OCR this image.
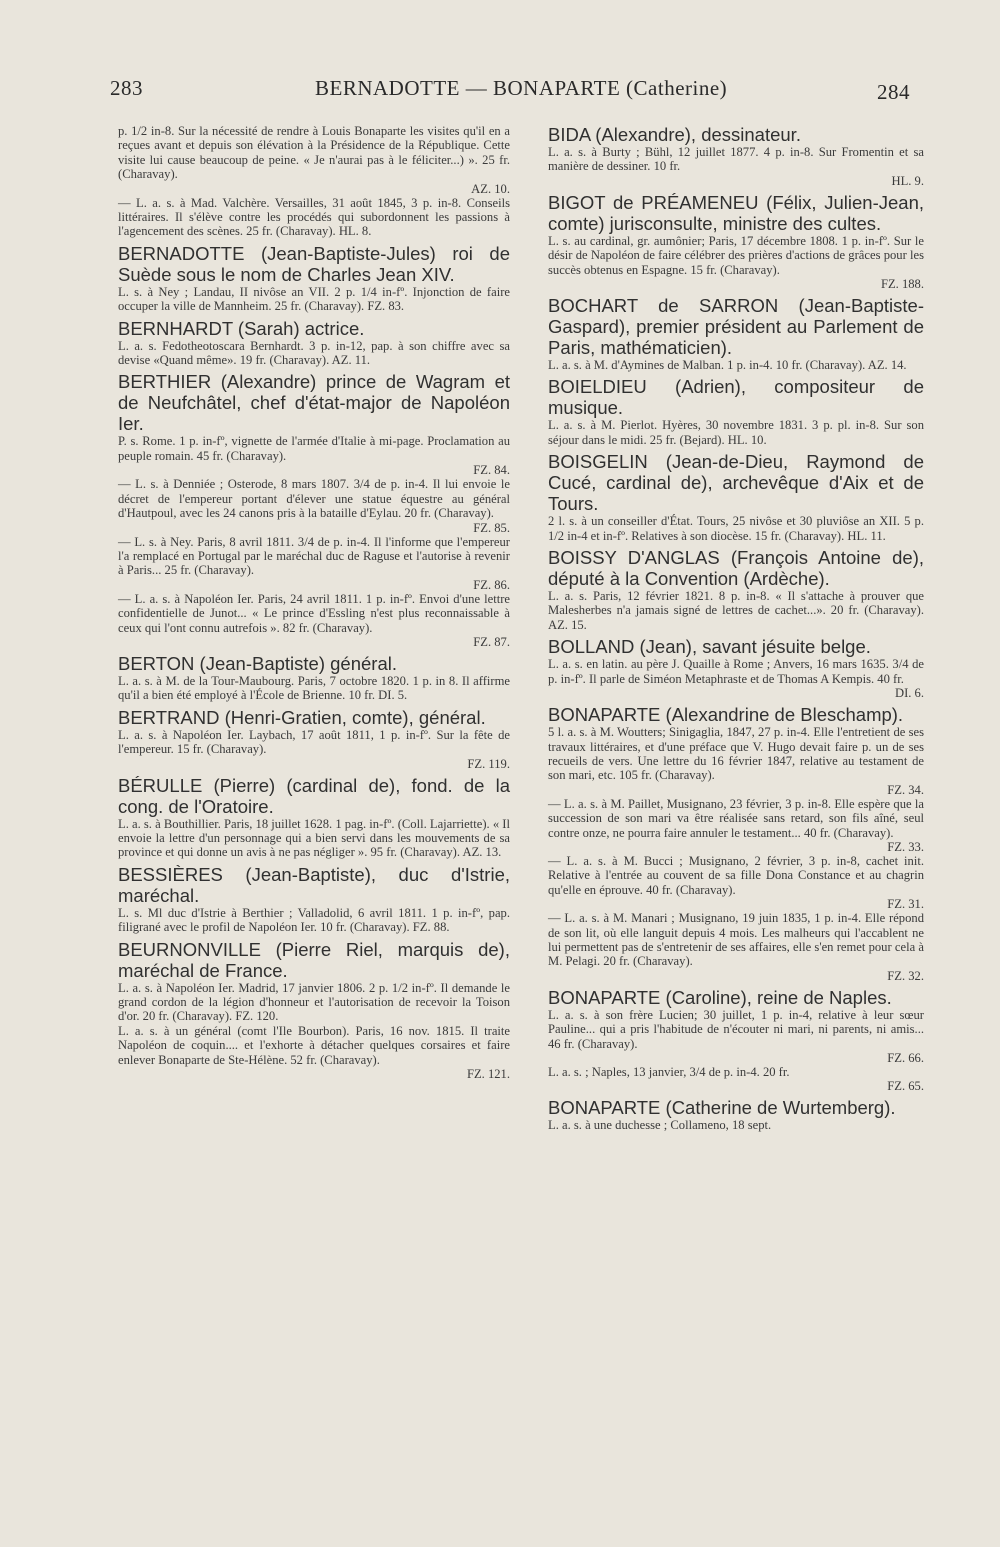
283	BERNADOTTE — BONAPARTE (Catherine)	284

p. 1/2 in-8. Sur la nécessité de rendre à Louis Bonaparte les visites qu'il en a reçues avant et depuis son élévation à la Présidence de la République. Cette visite lui cause beaucoup de peine. « Je n'aurai pas à le féliciter...) ». 25 fr. (Charavay).

AZ. 10.

— L. a. s. à Mad. Valchère. Versailles, 31 août 1845, 3 p. in-8. Conseils littéraires. Il s'élève contre les procédés qui subordonnent les passions à l'agencement des scènes. 25 fr. (Charavay). HL. 8.

BERNADOTTE (Jean-Baptiste-Jules) roi de Suède sous le nom de Charles Jean XIV.

L. s. à Ney ; Landau, II nivôse an VII. 2 p. 1/4 in-fº. Injonction de faire occuper la ville de Mannheim. 25 fr. (Charavay). FZ. 83.

BERNHARDT (Sarah) actrice.

L. a. s. Fedotheotoscara Bernhardt. 3 p. in-12, pap. à son chiffre avec sa devise «Quand même». 19 fr. (Charavay). AZ. 11.

BERTHIER (Alexandre) prince de Wagram et de Neufchâtel, chef d'état-major de Napoléon Ier.

P. s. Rome. 1 p. in-fº, vignette de l'armée d'Italie à mi-page. Proclamation au peuple romain. 45 fr. (Charavay).

FZ. 84.

— L. s. à Denniée ; Osterode, 8 mars 1807. 3/4 de p. in-4. Il lui envoie le décret de l'empereur portant d'élever une statue équestre au général d'Hautpoul, avec les 24 canons pris à la bataille d'Eylau. 20 fr. (Charavay).

FZ. 85.

— L. s. à Ney. Paris, 8 avril 1811. 3/4 de p. in-4. Il l'informe que l'empereur l'a remplacé en Portugal par le maréchal duc de Raguse et l'autorise à revenir à Paris... 25 fr. (Charavay).

FZ. 86.

— L. a. s. à Napoléon Ier. Paris, 24 avril 1811. 1 p. in-fº. Envoi d'une lettre confidentielle de Junot... « Le prince d'Essling n'est plus reconnaissable à ceux qui l'ont connu autrefois ». 82 fr. (Charavay).

FZ. 87.

BERTON (Jean-Baptiste) général.

L. a. s. à M. de la Tour-Maubourg. Paris, 7 octobre 1820. 1 p. in 8. Il affirme qu'il a bien été employé à l'École de Brienne. 10 fr. DI. 5.

BERTRAND (Henri-Gratien, comte), général.

L. a. s. à Napoléon Ier. Laybach, 17 août 1811, 1 p. in-fº. Sur la fête de l'empereur. 15 fr. (Charavay).

FZ. 119.

BÉRULLE (Pierre) (cardinal de), fond. de la cong. de l'Oratoire.

L. a. s. à Bouthillier. Paris, 18 juillet 1628. 1 pag. in-fº. (Coll. Lajarriette). « Il envoie la lettre d'un personnage qui a bien servi dans les mouvements de sa province et qui donne un avis à ne pas négliger ». 95 fr. (Charavay). AZ. 13.

BESSIÈRES (Jean-Baptiste), duc d'Istrie, maréchal.

L. s. Ml duc d'Istrie à Berthier ; Valladolid, 6 avril 1811. 1 p. in-fº, pap. filigrané avec le profil de Napoléon Ier. 10 fr. (Charavay). FZ. 88.

BEURNONVILLE (Pierre Riel, marquis de), maréchal de France.

L. a. s. à Napoléon Ier. Madrid, 17 janvier 1806. 2 p. 1/2 in-fº. Il demande le grand cordon de la légion d'honneur et l'autorisation de recevoir la Toison d'or. 20 fr. (Charavay). FZ. 120.

L. a. s. à un général (comt l'Ile Bourbon). Paris, 16 nov. 1815. Il traite Napoléon de coquin.... et l'exhorte à détacher quelques corsaires et faire enlever Bonaparte de Ste-Hélène. 52 fr. (Charavay).

FZ. 121.

BIDA (Alexandre), dessinateur.

L. a. s. à Burty ; Bühl, 12 juillet 1877. 4 p. in-8. Sur Fromentin et sa manière de dessiner. 10 fr.

HL. 9.

BIGOT de PRÉAMENEU (Félix, Julien-Jean, comte) jurisconsulte, ministre des cultes.

L. s. au cardinal, gr. aumônier; Paris, 17 décembre 1808. 1 p. in-fº. Sur le désir de Napoléon de faire célébrer des prières d'actions de grâces pour les succès obtenus en Espagne. 15 fr. (Charavay).

FZ. 188.

BOCHART de SARRON (Jean-Baptiste-Gaspard), premier président au Parlement de Paris, mathématicien).

L. a. s. à M. d'Aymines de Malban. 1 p. in-4. 10 fr. (Charavay). AZ. 14.

BOIELDIEU (Adrien), compositeur de musique.

L. a. s. à M. Pierlot. Hyères, 30 novembre 1831. 3 p. pl. in-8. Sur son séjour dans le midi. 25 fr. (Bejard). HL. 10.

BOISGELIN (Jean-de-Dieu, Raymond de Cucé, cardinal de), archevêque d'Aix et de Tours.

2 l. s. à un conseiller d'État. Tours, 25 nivôse et 30 pluviôse an XII. 5 p. 1/2 in-4 et in-fº. Relatives à son diocèse. 15 fr. (Charavay). HL. 11.

BOISSY D'ANGLAS (François Antoine de), député à la Convention (Ardèche).

L. a. s. Paris, 12 février 1821. 8 p. in-8. « Il s'attache à prouver que Malesherbes n'a jamais signé de lettres de cachet...». 20 fr. (Charavay). AZ. 15.

BOLLAND (Jean), savant jésuite belge.

L. a. s. en latin. au père J. Quaille à Rome ; Anvers, 16 mars 1635. 3/4 de p. in-fº. Il parle de Siméon Metaphraste et de Thomas A Kempis. 40 fr.

DI. 6.

BONAPARTE (Alexandrine de Bleschamp).

5 l. a. s. à M. Woutters; Sinigaglia, 1847, 27 p. in-4. Elle l'entretient de ses travaux littéraires, et d'une préface que V. Hugo devait faire p. un de ses recueils de vers. Une lettre du 16 février 1847, relative au testament de son mari, etc. 105 fr. (Charavay).

FZ. 34.

— L. a. s. à M. Paillet, Musignano, 23 février, 3 p. in-8. Elle espère que la succession de son mari va être réalisée sans retard, son fils aîné, seul contre onze, ne pourra faire annuler le testament... 40 fr. (Charavay).

FZ. 33.

— L. a. s. à M. Bucci ; Musignano, 2 février, 3 p. in-8, cachet init. Relative à l'entrée au couvent de sa fille Dona Constance et au chagrin qu'elle en éprouve. 40 fr. (Charavay).

FZ. 31.

— L. a. s. à M. Manari ; Musignano, 19 juin 1835, 1 p. in-4. Elle répond de son lit, où elle languit depuis 4 mois. Les malheurs qui l'accablent ne lui permettent pas de s'entretenir de ses affaires, elle s'en remet pour cela à M. Pelagi. 20 fr. (Charavay).

FZ. 32.

BONAPARTE (Caroline), reine de Naples.

L. a. s. à son frère Lucien; 30 juillet, 1 p. in-4, relative à leur sœur Pauline... qui a pris l'habitude de n'écouter ni mari, ni parents, ni amis... 46 fr. (Charavay).

FZ. 66.

L. a. s. ; Naples, 13 janvier, 3/4 de p. in-4. 20 fr.

FZ. 65.

BONAPARTE (Catherine de Wurtemberg).

L. a. s. à une duchesse ; Collameno, 18 sept.
